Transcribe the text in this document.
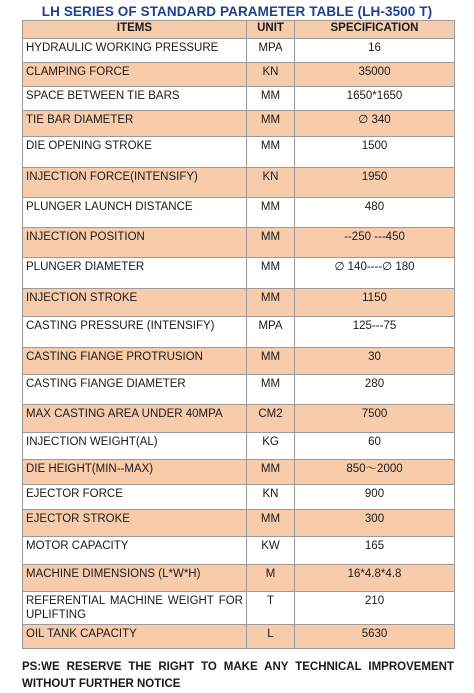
LH SERIES OF STANDARD PARAMETER TABLE (LH-3500 T)
ITEMS	UNIT	SPECIFICATION
HYDRAULIC WORKING PRESSURE	MPA	16
CLAMPING FORCE	KN	35000
SPACE BETWEEN TIE BARS	MM	1650*1650
TIE BAR DIAMETER	MM	∅ 340
DIE OPENING STROKE	MM	1500
INJECTION FORCE(INTENSIFY)	KN	1950
PLUNGER LAUNCH DISTANCE	MM	480
INJECTION POSITION	MM	--250 ---450
PLUNGER DIAMETER	MM	∅ 140----∅ 180
INJECTION STROKE	MM	1150
CASTING PRESSURE (INTENSIFY)	MPA	125---75
CASTING FIANGE PROTRUSION	MM	30
CASTING FIANGE DIAMETER	MM	280
MAX CASTING AREA UNDER 40MPA	CM2	7500
INJECTION WEIGHT(AL)	KG	60
DIE HEIGHT(MIN--MAX)	MM	850～2000
EJECTOR FORCE	KN	900
EJECTOR STROKE	MM	300
MOTOR CAPACITY	KW	165
MACHINE DIMENSIONS (L*W*H)	M	16*4.8*4.8
REFERENTIAL MACHINE WEIGHT FOR UPLIFTING	T	210
OIL TANK CAPACITY	L	5630
PS:WE RESERVE THE RIGHT TO MAKE ANY TECHNICAL IMPROVEMENT WITHOUT FURTHER NOTICE
